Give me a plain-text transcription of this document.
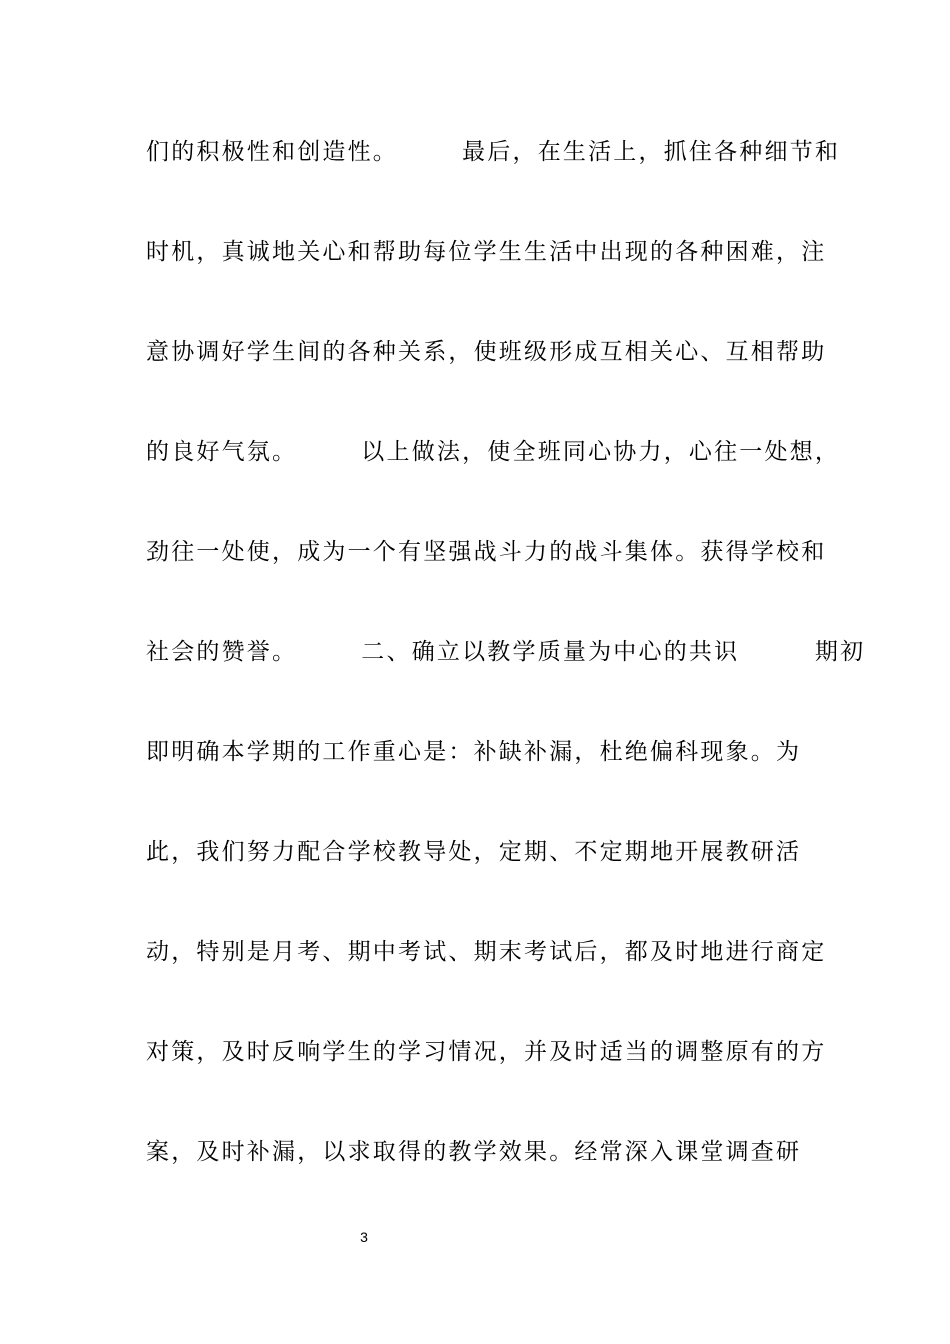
们的积极性和创造性。　　　最后，在生活上，抓住各种细节和
时机，真诚地关心和帮助每位学生生活中出现的各种困难，注
意协调好学生间的各种关系，使班级形成互相关心、互相帮助
的良好气氛。　　　以上做法，使全班同心协力，心往一处想，
劲往一处使，成为一个有坚强战斗力的战斗集体。获得学校和
社会的赞誉。　　　二、确立以教学质量为中心的共识　　　期初
即明确本学期的工作重心是：补缺补漏，杜绝偏科现象。为
此，我们努力配合学校教导处，定期、不定期地开展教研活
动，特别是月考、期中考试、期末考试后，都及时地进行商定
对策，及时反响学生的学习情况，并及时适当的调整原有的方
案，及时补漏，以求取得的教学效果。经常深入课堂调查研
3
